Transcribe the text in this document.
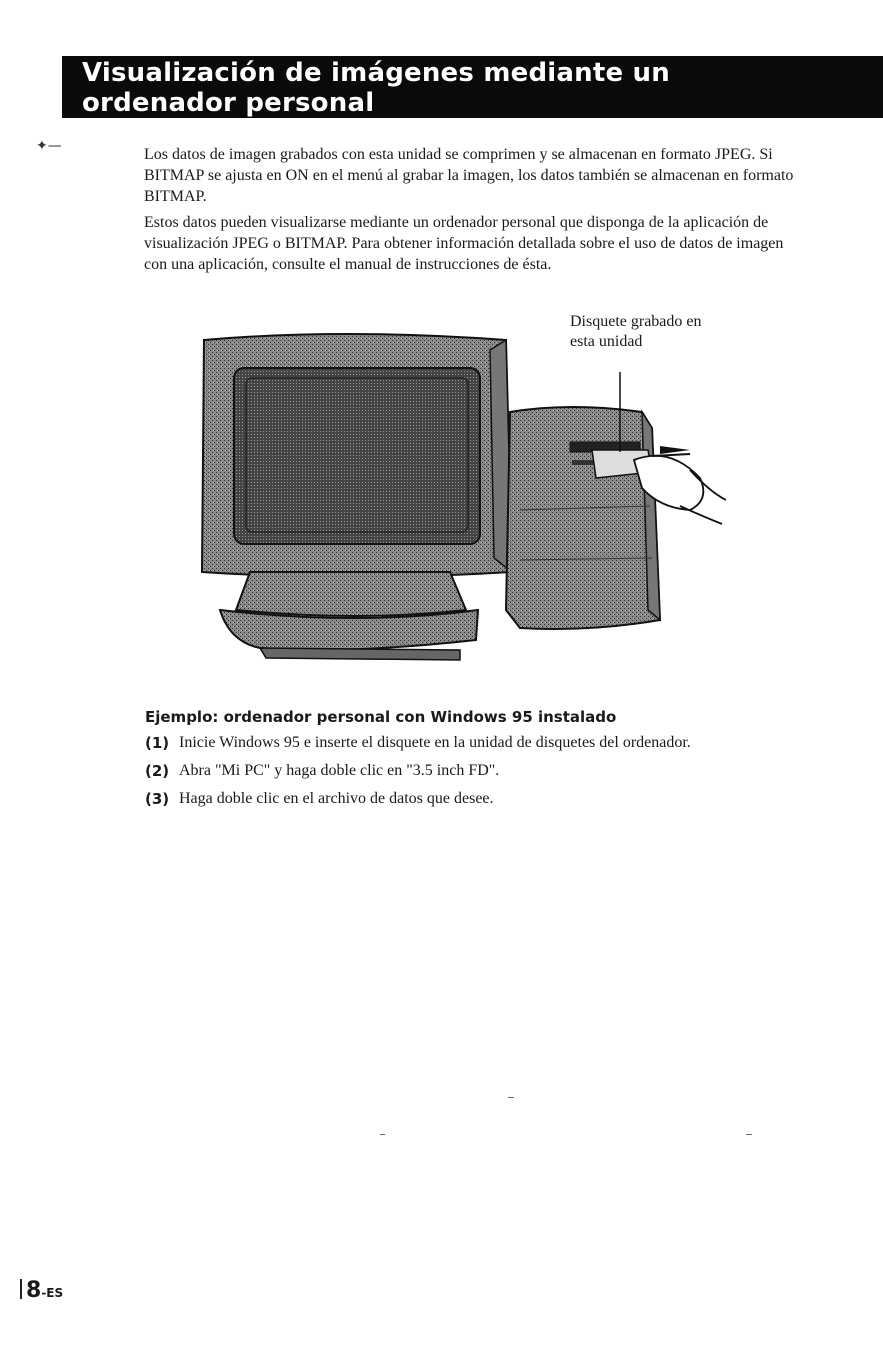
Visualización de imágenes mediante un
ordenador personal
✦—	Los datos de imagen grabados con esta unidad se comprimen y se almacenan en formato JPEG. Si BITMAP se ajusta en ON en el menú al grabar la imagen, los datos también se almacenan en formato BITMAP.

Estos datos pueden visualizarse mediante un ordenador personal que disponga de la aplicación de visualización JPEG o BITMAP. Para obtener información detallada sobre el uso de datos de imagen con una aplicación, consulte el manual de instrucciones de ésta.

Disquete grabado en
esta unidad
Ejemplo: ordenador personal con Windows 95 instalado
(1) Inicie Windows 95 e inserte el disquete en la unidad de disquetes del ordenador.
(2) Abra "Mi PC" y haga doble clic en "3.5 inch FD".
(3) Haga doble clic en el archivo de datos que desee.
8-ES
